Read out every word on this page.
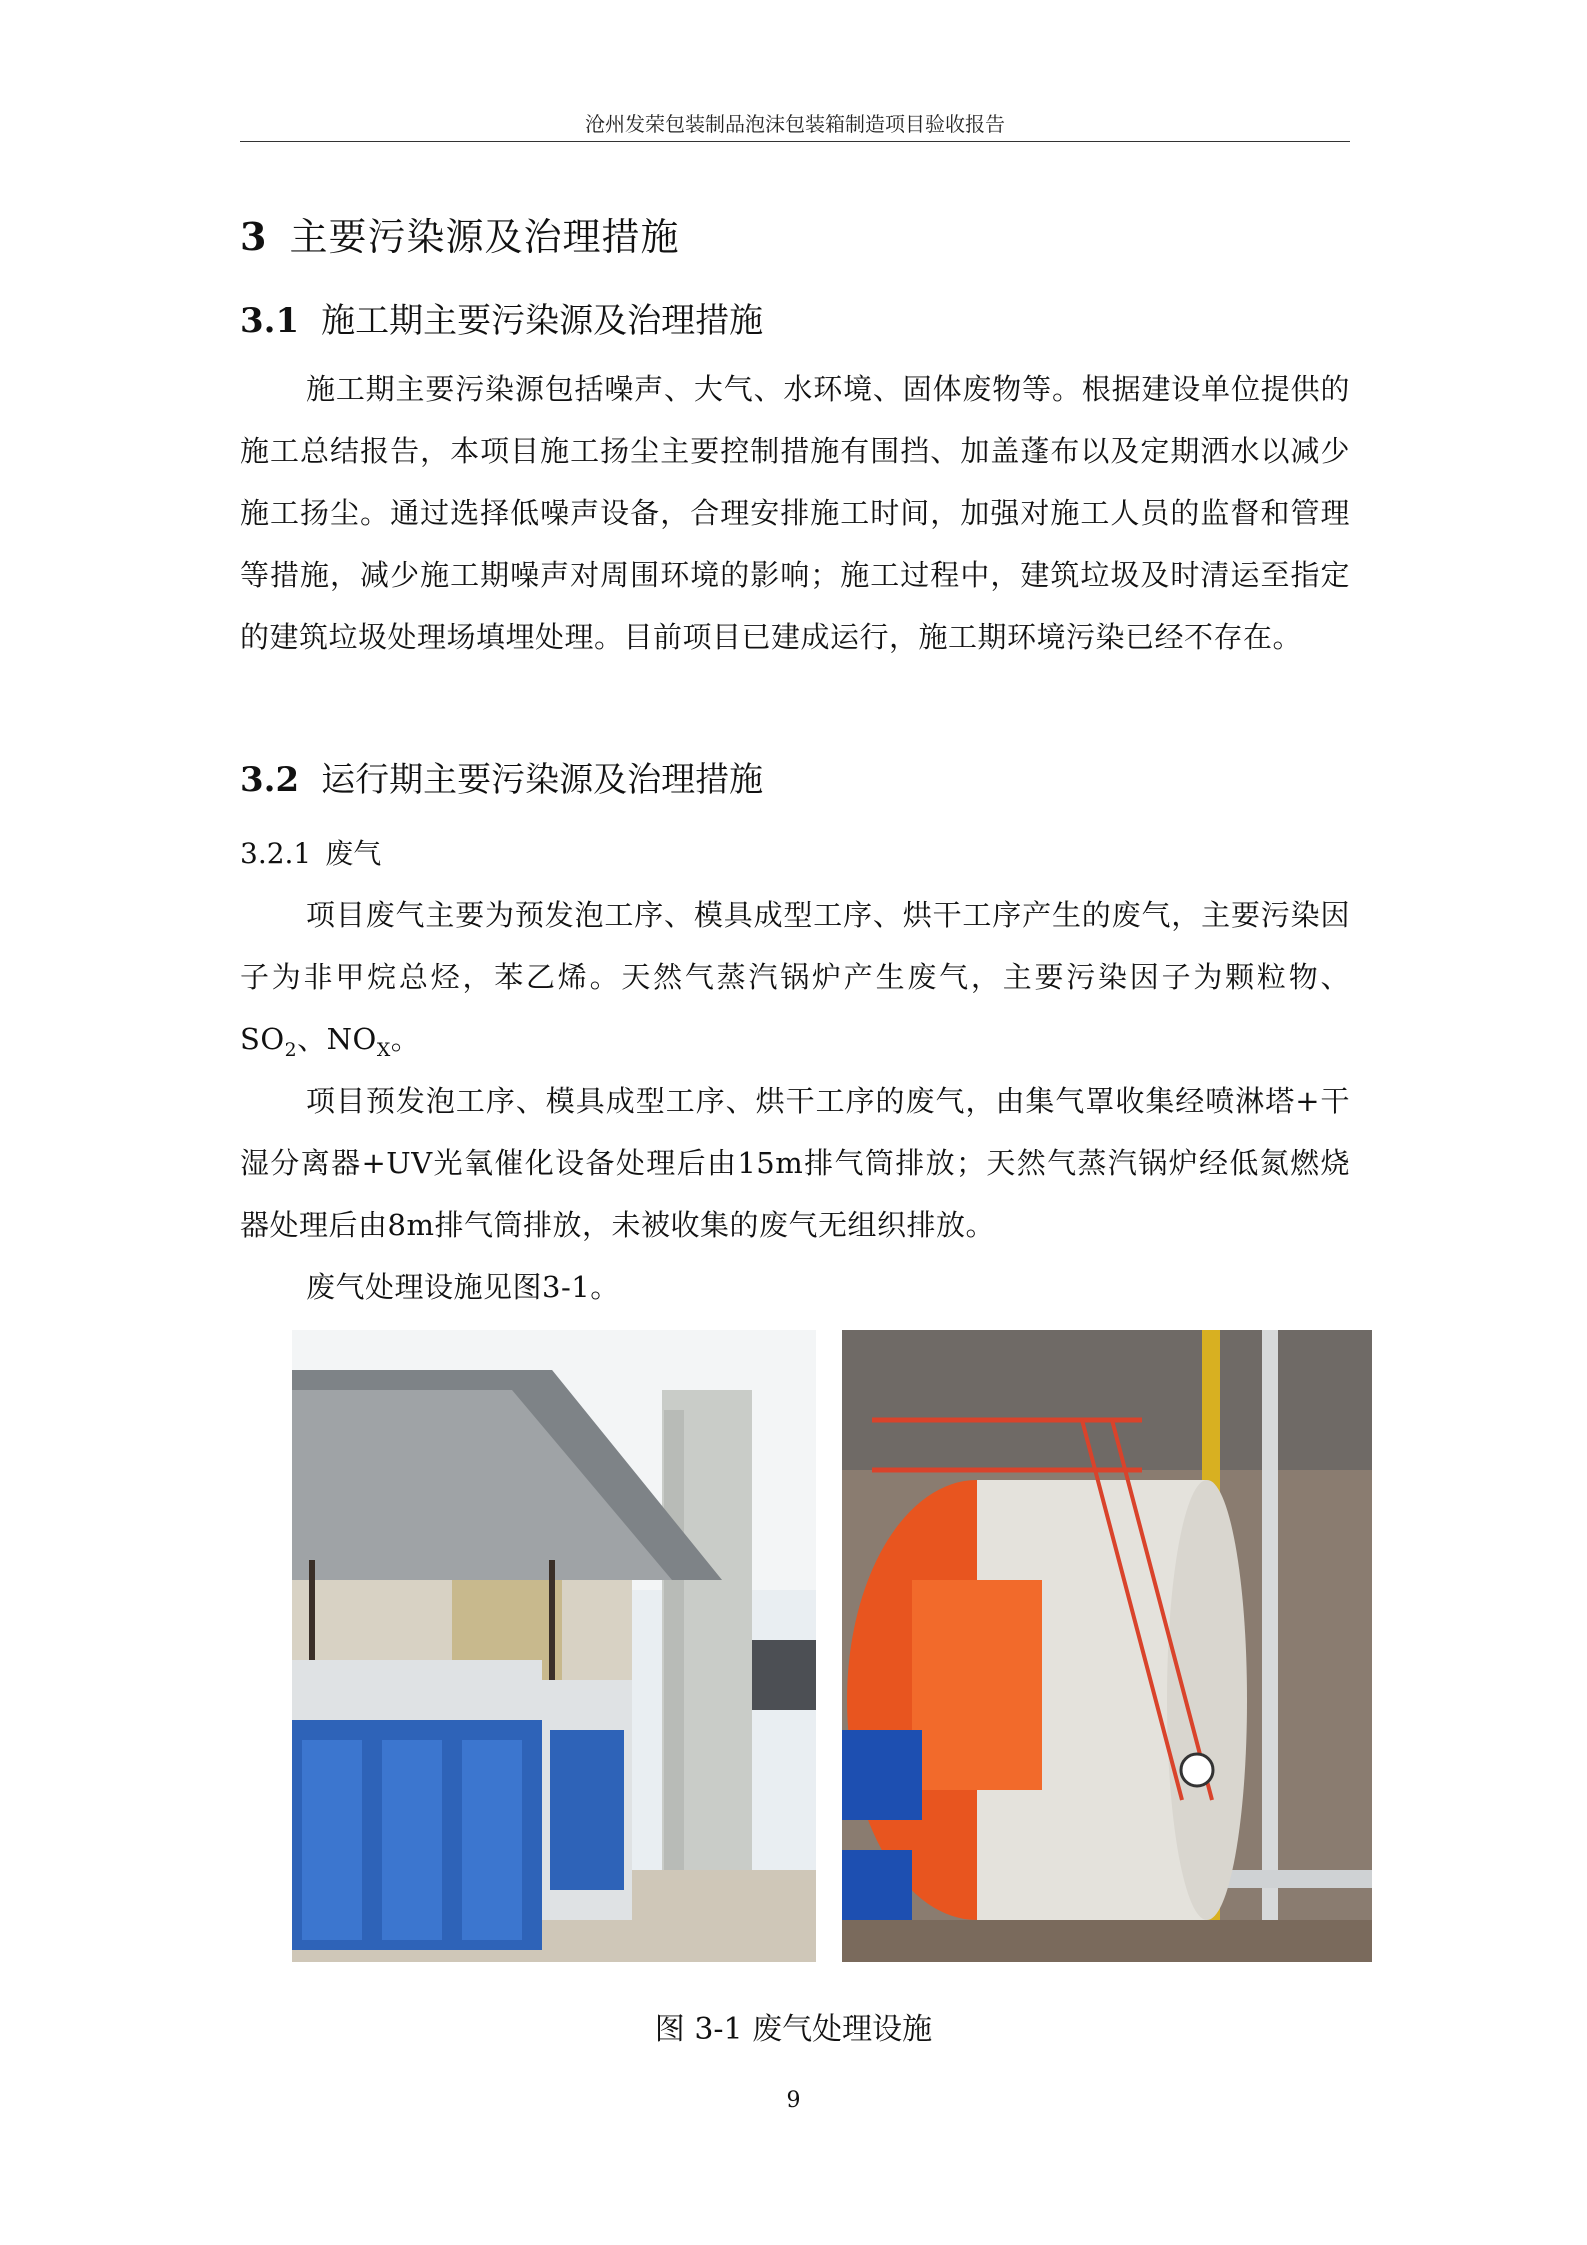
沧州发荣包装制品泡沫包装箱制造项目验收报告
3 主要污染源及治理措施
3.1 施工期主要污染源及治理措施
施工期主要污染源包括噪声、大气、水环境、固体废物等。根据建设单位提供的施工总结报告，本项目施工扬尘主要控制措施有围挡、加盖蓬布以及定期洒水以减少施工扬尘。通过选择低噪声设备，合理安排施工时间，加强对施工人员的监督和管理等措施，减少施工期噪声对周围环境的影响；施工过程中，建筑垃圾及时清运至指定的建筑垃圾处理场填埋处理。目前项目已建成运行，施工期环境污染已经不存在。
3.2 运行期主要污染源及治理措施
3.2.1 废气
项目废气主要为预发泡工序、模具成型工序、烘干工序产生的废气，主要污染因子为非甲烷总烃，苯乙烯。天然气蒸汽锅炉产生废气，主要污染因子为颗粒物、$SO_2$、$NO_X$。
项目预发泡工序、模具成型工序、烘干工序的废气，由集气罩收集经喷淋塔+干湿分离器+UV光氧催化设备处理后由15m排气筒排放；天然气蒸汽锅炉经低氮燃烧器处理后由8m排气筒排放，未被收集的废气无组织排放。
废气处理设施见图3-1。
图 3-1 废气处理设施
9
